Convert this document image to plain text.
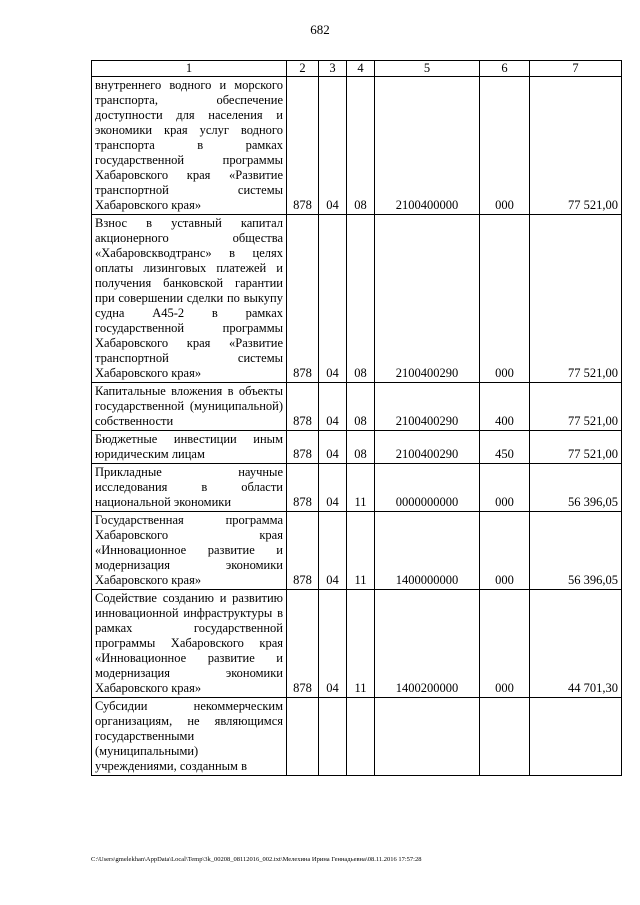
682
1	2	3	4	5	6	7
внутреннего водного и морского транспорта, обеспечение доступности для населения и экономики края услуг водного транспорта в рамках государственной программы Хабаровского края «Развитие транспортной системы Хабаровского края»	878	04	08	2100400000	000	77 521,00
Взнос в уставный капитал акционерного общества «Хабаровскводтранс» в целях оплаты лизинговых платежей и получения банковской гарантии при совершении сделки по выкупу судна А45-2 в рамках государственной программы Хабаровского края «Развитие транспортной системы Хабаровского края»	878	04	08	2100400290	000	77 521,00
Капитальные вложения в объекты государственной (муниципальной) собственности	878	04	08	2100400290	400	77 521,00
Бюджетные инвестиции иным юридическим лицам	878	04	08	2100400290	450	77 521,00
Прикладные научные исследования в области национальной экономики	878	04	11	0000000000	000	56 396,05
Государственная программа Хабаровского края «Инновационное развитие и модернизация экономики Хабаровского края»	878	04	11	1400000000	000	56 396,05
Содействие созданию и развитию инновационной инфраструктуры в рамках государственной программы Хабаровского края «Инновационное развитие и модернизация экономики Хабаровского края»	878	04	11	1400200000	000	44 701,30
Субсидии некоммерческим организациям, не являющимся государственными (муниципальными) учреждениями, созданным в						
C:\Users\gmelekhan\AppData\Local\Temp\3k_00208_08112016_002.txt\Мелехина Ирина Геннадьевна\08.11.2016 17:57:28
